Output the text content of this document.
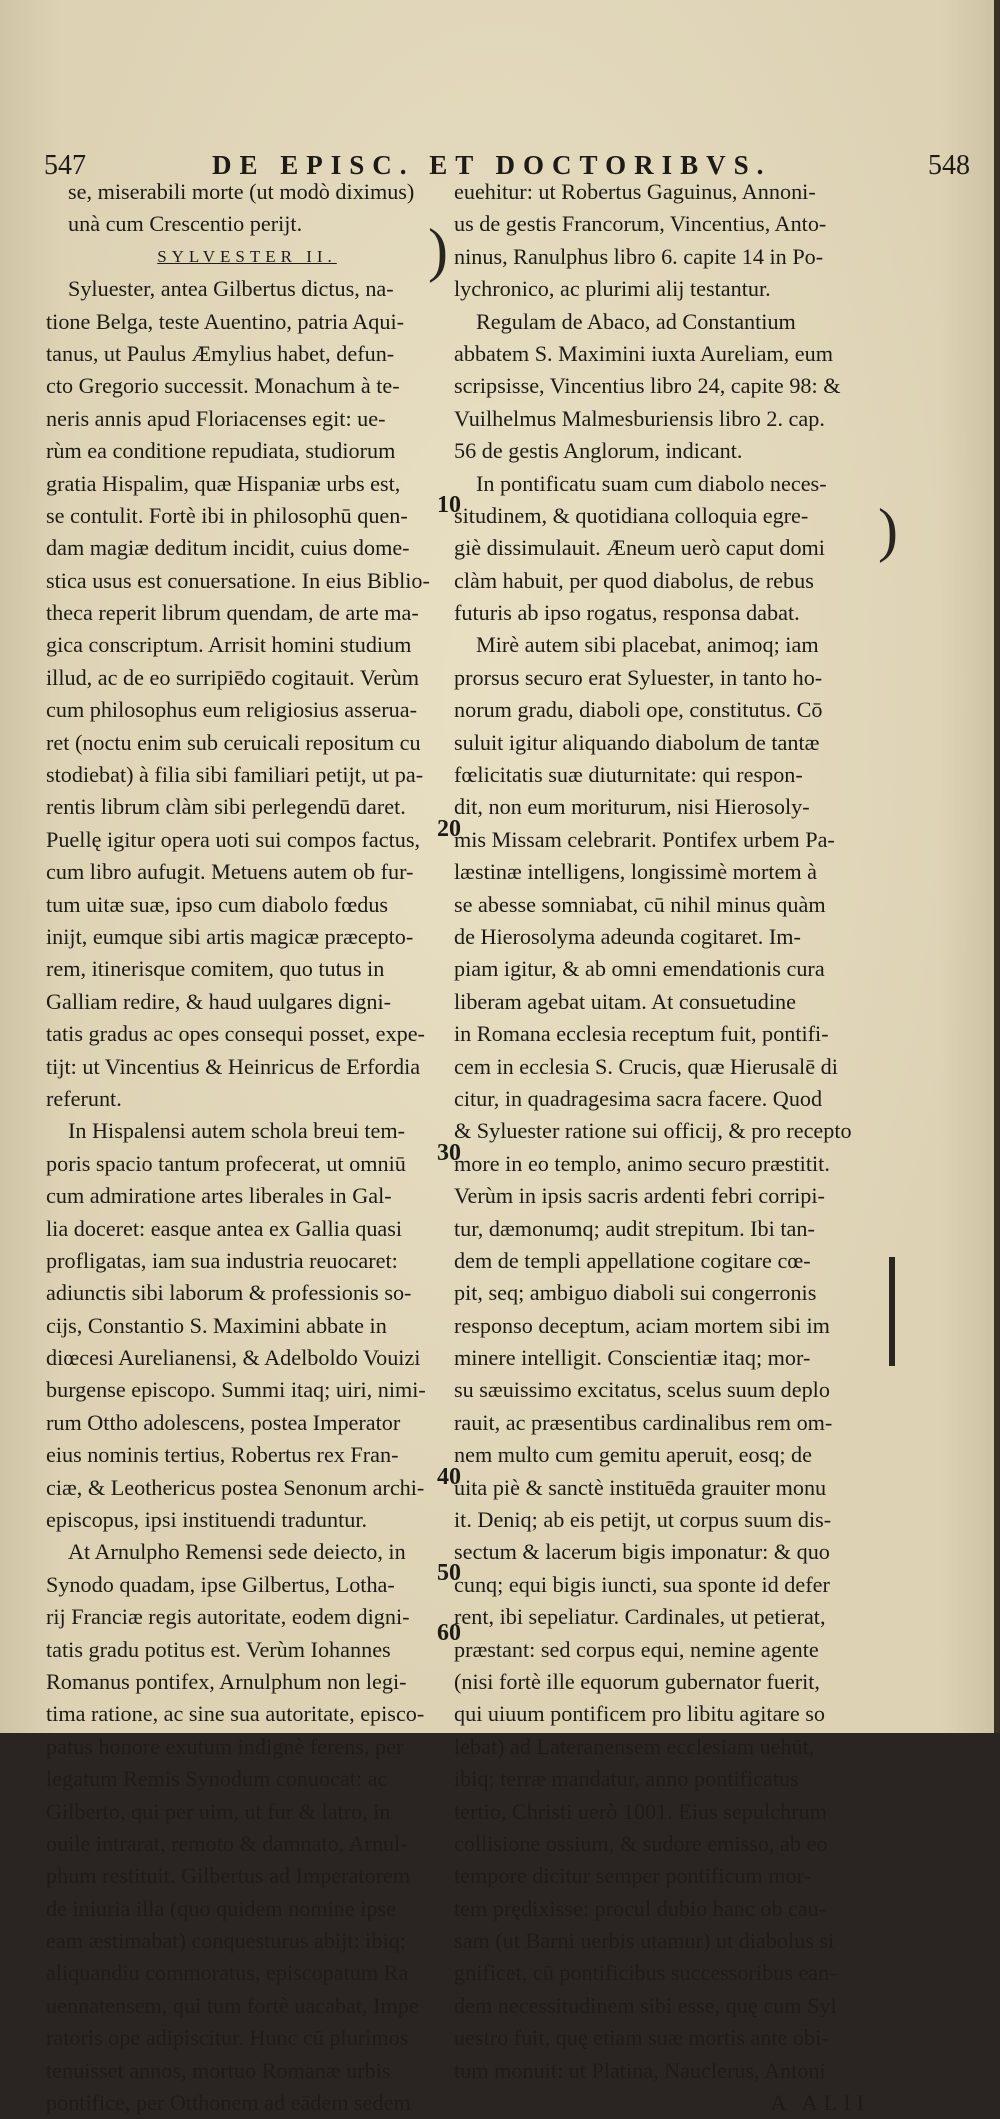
547	DE EPISC. ET DOCTORIBVS.	548
se, miserabili morte (ut modò diximus)
unà cum Crescentio perijt.
SYLVESTER II.
Syluester, antea Gilbertus dictus, na-
tione Belga, teste Auentino, patria Aqui-
tanus, ut Paulus Æmylius habet, defun-
cto Gregorio successit. Monachum à te-
neris annis apud Floriacenses egit: ue-
rùm ea conditione repudiata, studiorum
gratia Hispalim, quæ Hispaniæ urbs est,
se contulit. Fortè ibi in philosophū quen-
dam magiæ deditum incidit, cuius dome-
stica usus est conuersatione. In eius Biblio-
theca reperit librum quendam, de arte ma-
gica conscriptum. Arrisit homini studium
illud, ac de eo surripiēdo cogitauit. Verùm
cum philosophus eum religiosius asserua-
ret (noctu enim sub ceruicali repositum cu
stodiebat) à filia sibi familiari petijt, ut pa-
rentis librum clàm sibi perlegendū daret.
Puellę igitur opera uoti sui compos factus,
cum libro aufugit. Metuens autem ob fur-
tum uitæ suæ, ipso cum diabolo fœdus
inijt, eumque sibi artis magicæ præcepto-
rem, itinerisque comitem, quo tutus in
Galliam redire, & haud uulgares digni-
tatis gradus ac opes consequi posset, expe-
tijt: ut Vincentius & Heinricus de Erfordia
referunt.
In Hispalensi autem schola breui tem-
poris spacio tantum profecerat, ut omniū
cum admiratione artes liberales in Gal-
lia doceret: easque antea ex Gallia quasi
profligatas, iam sua industria reuocaret:
adiunctis sibi laborum & professionis so-
cijs, Constantio S. Maximini abbate in
diœcesi Aurelianensi, & Adelboldo Vouizi
burgense episcopo. Summi itaq; uiri, nimi-
rum Ottho adolescens, postea Imperator
eius nominis tertius, Robertus rex Fran-
ciæ, & Leothericus postea Senonum archi-
episcopus, ipsi instituendi traduntur.
At Arnulpho Remensi sede deiecto, in
Synodo quadam, ipse Gilbertus, Lotha-
rij Franciæ regis autoritate, eodem digni-
tatis gradu potitus est. Verùm Iohannes
Romanus pontifex, Arnulphum non legi-
tima ratione, ac sine sua autoritate, episco-
patus honore exutum indignè ferens, per
legatum Remis Synodum conuocat: ac
Gilberto, qui per uim, ut fur & latro, in
ouile intrarat, remoto & damnato, Arnul-
phum restituit. Gilbertus ad Imperatorem
de iniuria illa (quo quidem nomine ipse
eam æstimabat) conquesturus abijt: ibiq;
aliquandiu commoratus, episcopatum Ra
uennatensem, qui tum fortè uacabat, Impe
ratoris ope adipiscitur. Hunc cū plurimos
tenuisset annos, mortuo Romanæ urbis
pontifice, per Otthonem ad eādem sedem
10
20
30
40
50
60
euehitur: ut Robertus Gaguinus, Annoni-
us de gestis Francorum, Vincentius, Anto-
ninus, Ranulphus libro 6. capite 14 in Po-
lychronico, ac plurimi alij testantur.
Regulam de Abaco, ad Constantium
abbatem S. Maximini iuxta Aureliam, eum
scripsisse, Vincentius libro 24, capite 98: &
Vuilhelmus Malmesburiensis libro 2. cap.
56 de gestis Anglorum, indicant.
In pontificatu suam cum diabolo neces-
situdinem, & quotidiana colloquia egre-
giè dissimulauit. Æneum uerò caput domi
clàm habuit, per quod diabolus, de rebus
futuris ab ipso rogatus, responsa dabat.
Mirè autem sibi placebat, animoq; iam
prorsus securo erat Syluester, in tanto ho-
norum gradu, diaboli ope, constitutus. Cō
suluit igitur aliquando diabolum de tantæ
fœlicitatis suæ diuturnitate: qui respon-
dit, non eum moriturum, nisi Hierosoly-
mis Missam celebrarit. Pontifex urbem Pa-
læstinæ intelligens, longissimè mortem à
se abesse somniabat, cū nihil minus quàm
de Hierosolyma adeunda cogitaret. Im-
piam igitur, & ab omni emendationis cura
liberam agebat uitam. At consuetudine
in Romana ecclesia receptum fuit, pontifi-
cem in ecclesia S. Crucis, quæ Hierusalē di
citur, in quadragesima sacra facere. Quod
& Syluester ratione sui officij, & pro recepto
more in eo templo, animo securo præstitit.
Verùm in ipsis sacris ardenti febri corripi-
tur, dæmonumq; audit strepitum. Ibi tan-
dem de templi appellatione cogitare cœ-
pit, seq; ambiguo diaboli sui congerronis
responso deceptum, aciam mortem sibi im
minere intelligit. Conscientiæ itaq; mor-
su sæuissimo excitatus, scelus suum deplo
rauit, ac præsentibus cardinalibus rem om-
nem multo cum gemitu aperuit, eosq; de
uita piè & sanctè instituēda grauiter monu
it. Deniq; ab eis petijt, ut corpus suum dis-
sectum & lacerum bigis imponatur: & quo
cunq; equi bigis iuncti, sua sponte id defer
rent, ibi sepeliatur. Cardinales, ut petierat,
præstant: sed corpus equi, nemine agente
(nisi fortè ille equorum gubernator fuerit,
qui uiuum pontificem pro libitu agitare so
lebat) ad Lateranensem ecclesiam uehūt,
ibiq; terræ mandatur, anno pontificatus
tertio, Christi uerò 1001. Eius sepulchrum
collisione ossium, & sudore emisso, ab eo
tempore dicitur semper pontificum mor-
tem prędixisse: procul dubio hanc ob cau-
sam (ut Barni uerbis utamur) ut diabolus si
gnificet, cū pontificibus successoribus ean-
dem necessitudinem sibi esse, quę cum Syl
uestro fuit, quę etiam suæ mortis ante obi-
tum monuit: ut Platina, Nauclerus, Antoni
A ALII
)
)
|
